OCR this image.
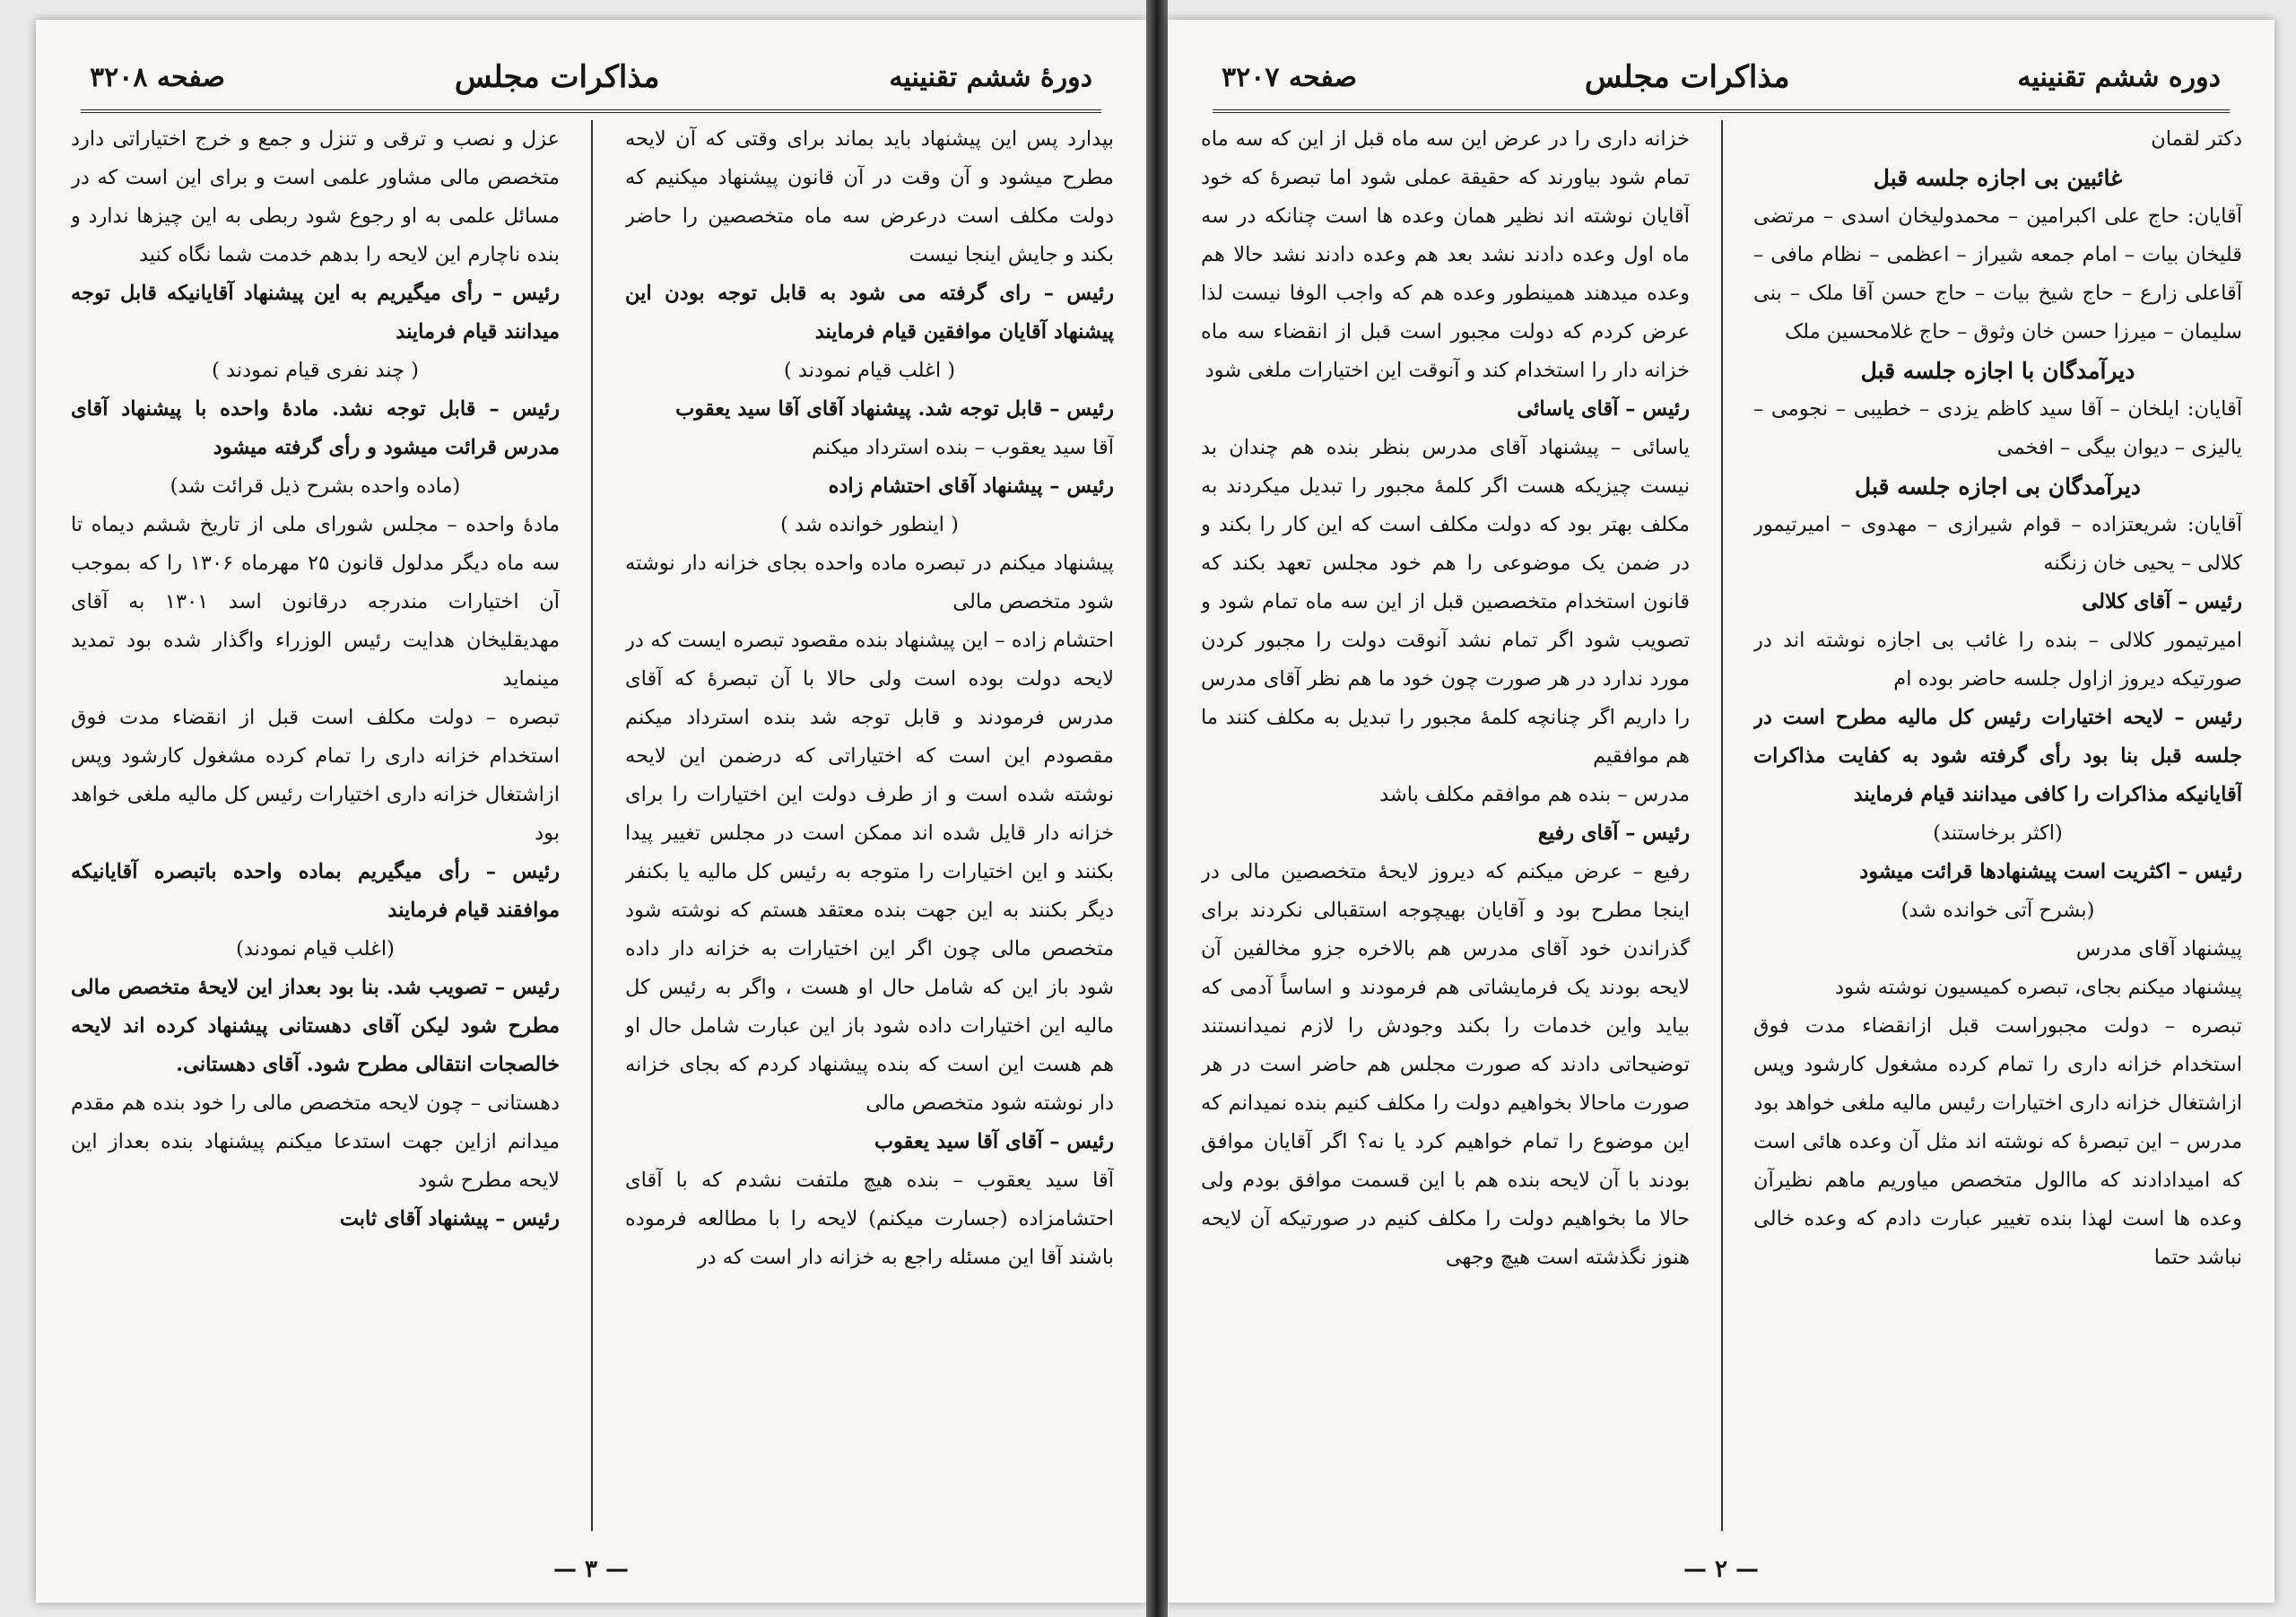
دورهٔ ششم تقنينيه
مذاکرات مجلس
صفحه ۳۲۰۸

بپدارد پس این پیشنهاد باید بماند برای وقتی که آن لایحه مطرح میشود و آن وقت در آن قانون پیشنهاد میکنیم که دولت مکلف است درعرض سه ماه متخصصین را حاضر بکند و جایش اینجا نیست

رئیس – رای گرفته می شود به قابل توجه بودن این پیشنهاد آقایان موافقین قیام فرمایند

( اغلب قیام نمودند )

رئیس – قابل توجه شد. پیشنهاد آقای آقا سید یعقوب

آقا سید یعقوب – بنده استرداد میکنم

رئیس – پیشنهاد آقای احتشام زاده

( اینطور خوانده شد )

پیشنهاد میکنم در تبصره ماده واحده بجای خزانه دار نوشته شود متخصص مالی

احتشام زاده – این پیشنهاد بنده مقصود تبصره ایست که در لایحه دولت بوده است ولی حالا با آن تبصرهٔ که آقای مدرس فرمودند و قابل توجه شد بنده استرداد میکنم مقصودم این است که اختیاراتی که درضمن این لایحه نوشته شده است و از طرف دولت این اختیارات را برای خزانه دار قایل شده اند ممکن است در مجلس تغییر پیدا بکنند و این اختیارات را متوجه به رئیس کل مالیه یا بکنفر دیگر بکنند به این جهت بنده معتقد هستم که نوشته شود متخصص مالی چون اگر این اختیارات به خزانه دار داده شود باز این که شامل حال او هست ، واگر به رئیس کل مالیه این اختیارات داده شود باز این عبارت شامل حال او هم هست این است که بنده پیشنهاد کردم که بجای خزانه دار نوشته شود متخصص مالی

رئیس – آقای آقا سید یعقوب

آقا سید یعقوب – بنده هیچ ملتفت نشدم که با آقای احتشامزاده (جسارت میکنم) لایحه را با مطالعه فرموده باشند آقا این مسئله راجع به خزانه دار است که در

عزل و نصب و ترقی و تنزل و جمع و خرج اختیاراتی دارد متخصص مالی مشاور علمی است و برای این است که در مسائل علمی به او رجوع شود ربطی به این چیزها ندارد و بنده ناچارم این لایحه را بدهم خدمت شما نگاه کنید

رئیس – رأی میگیریم به این پیشنهاد آقایانیکه قابل توجه میدانند قیام فرمایند

( چند نفری قیام نمودند )

رئیس – قابل توجه نشد. مادهٔ واحده با پیشنهاد آقای مدرس قرائت میشود و رأی گرفته میشود

(ماده واحده بشرح ذیل قرائت شد)

مادهٔ واحده – مجلس شورای ملی از تاریخ ششم دیماه تا سه ماه دیگر مدلول قانون ۲۵ مهرماه ۱۳۰۶ را که بموجب آن اختیارات مندرجه درقانون اسد ۱۳۰۱ به آقای مهدیقلیخان هدایت رئیس الوزراء واگذار شده بود تمدید مینماید

تبصره – دولت مکلف است قبل از انقضاء مدت فوق استخدام خزانه داری را تمام کرده مشغول کارشود وپس ازاشتغال خزانه داری اختیارات رئیس کل مالیه ملغی خواهد بود

رئیس – رأی میگیریم بماده واحده باتبصره آقایانیکه موافقند قیام فرمایند

(اغلب قیام نمودند)

رئیس – تصویب شد. بنا بود بعداز این لایحهٔ متخصص مالی مطرح شود لیکن آقای دهستانی پیشنهاد کرده اند لایحه خالصجات انتقالی مطرح شود. آقای دهستانی.

دهستانی – چون لایحه متخصص مالی را خود بنده هم مقدم میدانم ازاین جهت استدعا میکنم پیشنهاد بنده بعداز این لایحه مطرح شود

رئیس – پیشنهاد آقای ثابت

— ۳ —
دوره ششم تقنینیه
مذاکرات مجلس
صفحه ۳۲۰۷

دکتر لقمان

غائبین بی اجازه جلسه قبل

آقایان: حاج علی اکبرامین – محمدولیخان اسدی – مرتضی قلیخان بیات – امام جمعه شیراز – اعظمی – نظام مافی – آقاعلی زارع – حاج شیخ بیات – حاج حسن آقا ملک – بنی سلیمان – میرزا حسن خان وثوق – حاج غلامحسین ملک

دیرآمدگان با اجازه جلسه قبل

آقایان: ایلخان – آقا سید کاظم یزدی – خطیبی – نجومی – یالیزی – دیوان بیگی – افخمی

دیرآمدگان بی اجازه جلسه قبل

آقایان: شریعتزاده – قوام شیرازی – مهدوی – امیرتیمور کلالی – یحیی خان زنگنه

رئیس – آقای کلالی

امیرتیمور کلالی – بنده را غائب بی اجازه نوشته اند در صورتیکه دیروز ازاول جلسه حاضر بوده ام

رئیس – لایحه اختیارات رئیس کل مالیه مطرح است در جلسه قبل بنا بود رأی گرفته شود به کفایت مذاکرات آقایانیکه مذاکرات را کافی میدانند قیام فرمایند

(اکثر برخاستند)

رئیس – اکثریت است پیشنهادها قرائت میشود

(بشرح آتی خوانده شد)

پیشنهاد آقای مدرس

پیشنهاد میکنم بجای، تبصره کمیسیون نوشته شود

تبصره – دولت مجبوراست قبل ازانقضاء مدت فوق استخدام خزانه داری را تمام کرده مشغول کارشود وپس ازاشتغال خزانه داری اختیارات رئیس مالیه ملغی خواهد بود

مدرس – این تبصرهٔ که نوشته اند مثل آن وعده هائی است که امیدادادند که ماالول متخصص میاوریم ماهم نظیرآن وعده ها است لهذا بنده تغییر عبارت دادم که وعده خالی نباشد حتما

خزانه داری را در عرض این سه ماه قبل از این که سه ماه تمام شود بیاورند که حقیقة عملی شود اما تبصرهٔ که خود آقایان نوشته اند نظیر همان وعده ها است چنانکه در سه ماه اول وعده دادند نشد بعد هم وعده دادند نشد حالا هم وعده میدهند همینطور وعده هم که واجب الوفا نیست لذا عرض کردم که دولت مجبور است قبل از انقضاء سه ماه خزانه دار را استخدام کند و آنوقت این اختیارات ملغی شود

رئیس – آقای یاسائی

یاسائی – پیشنهاد آقای مدرس بنظر بنده هم چندان بد نیست چیزیکه هست اگر کلمهٔ مجبور را تبدیل میکردند به مکلف بهتر بود که دولت مکلف است که این کار را بکند و در ضمن یک موضوعی را هم خود مجلس تعهد بکند که قانون استخدام متخصصین قبل از این سه ماه تمام شود و تصویب شود اگر تمام نشد آنوقت دولت را مجبور کردن مورد ندارد در هر صورت چون خود ما هم نظر آقای مدرس را داریم اگر چنانچه کلمهٔ مجبور را تبدیل به مکلف کنند ما هم موافقیم

مدرس – بنده هم موافقم مکلف باشد

رئیس – آقای رفیع

رفیع – عرض میکنم که دیروز لایحهٔ متخصصین مالی در اینجا مطرح بود و آقایان بهیچوجه استقبالی نکردند برای گذراندن خود آقای مدرس هم بالاخره جزو مخالفین آن لایحه بودند یک فرمایشاتی هم فرمودند و اساساً آدمی که بیاید واین خدمات را بکند وجودش را لازم نمیدانستند توضیحاتی دادند که صورت مجلس هم حاضر است در هر صورت ماحالا بخواهیم دولت را مکلف کنیم بنده نمیدانم که این موضوع را تمام خواهیم کرد یا نه؟ اگر آقایان موافق بودند با آن لایحه بنده هم با این قسمت موافق بودم ولی حالا ما بخواهیم دولت را مکلف کنیم در صورتیکه آن لایحه هنوز نگذشته است هیچ وجهی

— ۲ —
